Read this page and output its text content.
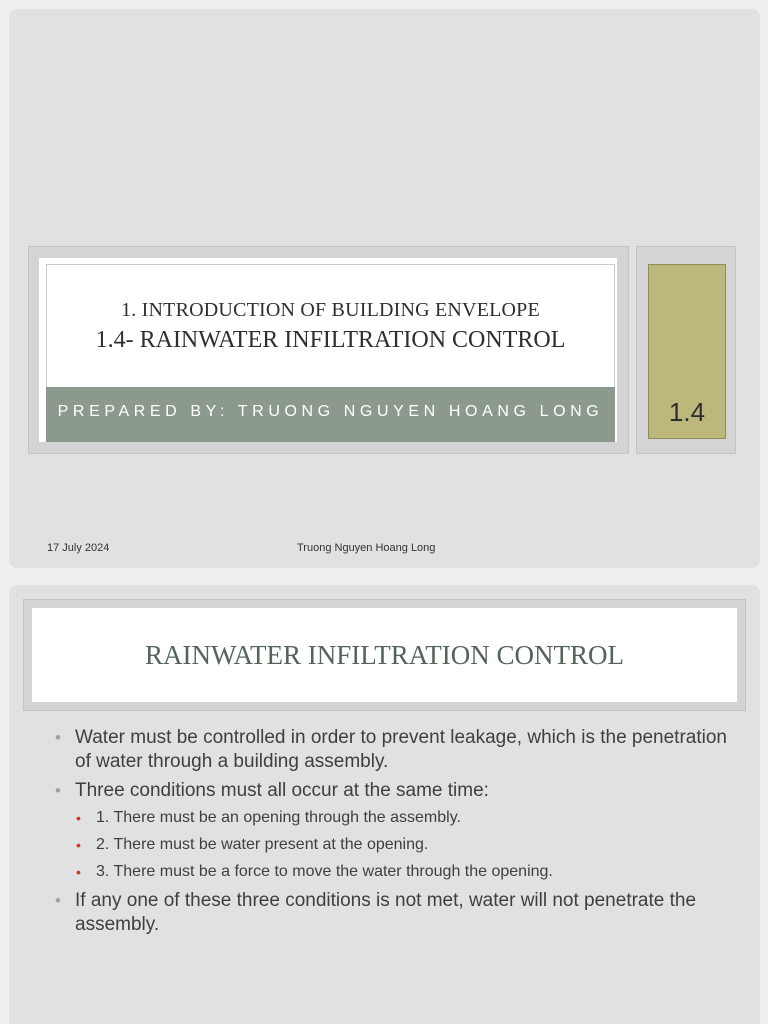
1. INTRODUCTION OF BUILDING ENVELOPE
1.4- RAINWATER INFILTRATION CONTROL
PREPARED BY: TRUONG NGUYEN HOANG LONG	1.4
17 July 2024	Truong Nguyen Hoang Long
RAINWATER INFILTRATION CONTROL
• Water must be controlled in order to prevent leakage, which is the penetration of water through a building assembly.
• Three conditions must all occur at the same time:
• 1. There must be an opening through the assembly.
• 2. There must be water present at the opening.
• 3. There must be a force to move the water through the opening.
• If any one of these three conditions is not met, water will not penetrate the assembly.
